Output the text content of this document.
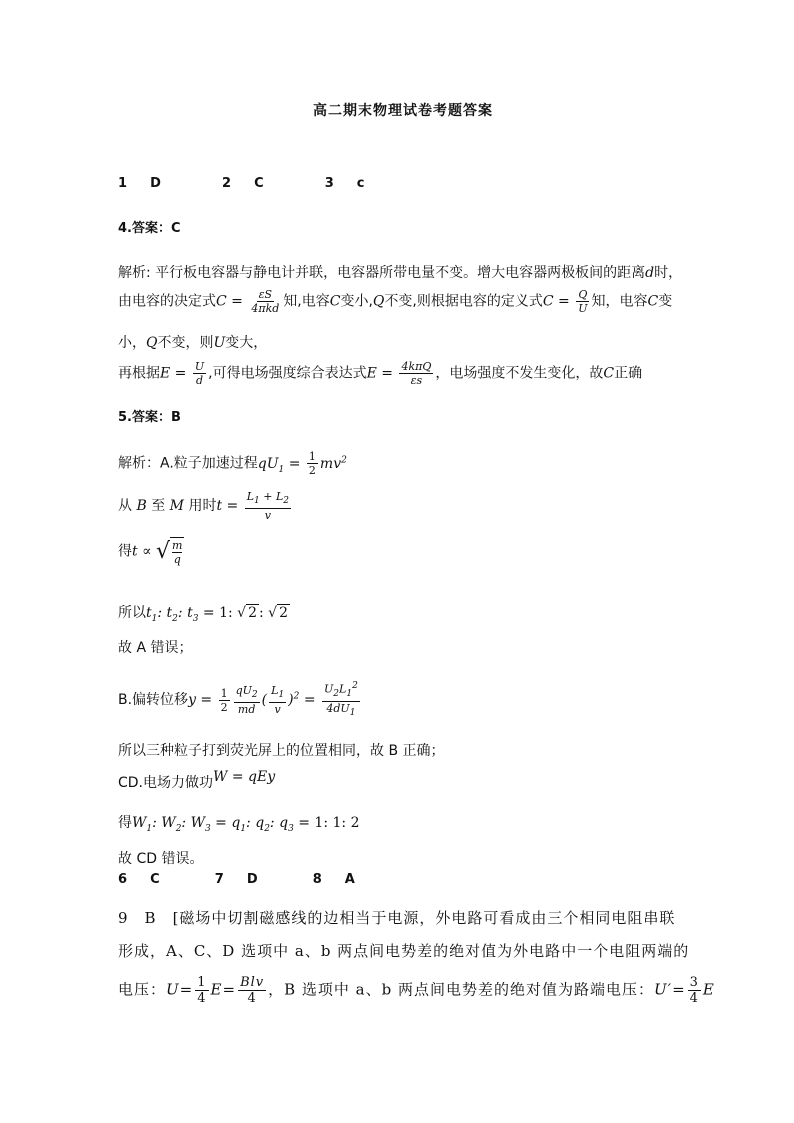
高二期末物理试卷考题答案
1 D	2 C	3 c
4.答案：C
解析: 平行板电容器与静电计并联，电容器所带电量不变。增大电容器两极板间的距离d时，
由电容的决定式$C = \frac{\varepsilon S}{\text{4πkd}}$ 知,电容C变小,Q不变,则根据电容的定义式$C = \frac{Q}{U}$ 知，电容C变
小，Q不变，则U变大，
再根据$E = \frac{U}{d}$ ,可得电场强度综合表达式$E = \frac{\text{4kπQ}}{\varepsilon s}$ ，电场强度不发生变化，故C正确
5.答案：B
解析：A.粒子加速过程$qU_1 = \frac{1}{2} mv^2$
从 B 至 M 用时$t = \frac{L_1 + L_2}{v}$
得t ∝ √ $\frac{m}{q}$
所以$t_1$: $t_2$: $t_3 = 1$: √ 2 : √ 2
故 A 错误；
B.偏转位移$y = \frac{1}{2} \frac{qU_2}{md}$ ( $\frac{L_1}{v} )^2 = \frac{U_2L_1^2}{4dU_1}$
所以三种粒子打到荧光屏上的位置相同，故 B 正确；
CD.电场力做功W = qEy
得$W_1$: $W_2$: $W_3 = q_1$: $q_2$: $q_3 = 1$: 1: 2
故 CD 错误。
6 C	7 D	8 A
9　B　[磁场中切割磁感线的边相当于电源，外电路可看成由三个相同电阻串联
形成，A、C、D 选项中 a、b 两点间电势差的绝对值为外电路中一个电阻两端的
电压：$U= \frac{1}{4} E= \frac{\text{Blv}}{4}$ ，B 选项中 a、b 两点间电势差的绝对值为路端电压：$U'= \frac{3}{4}$ E
